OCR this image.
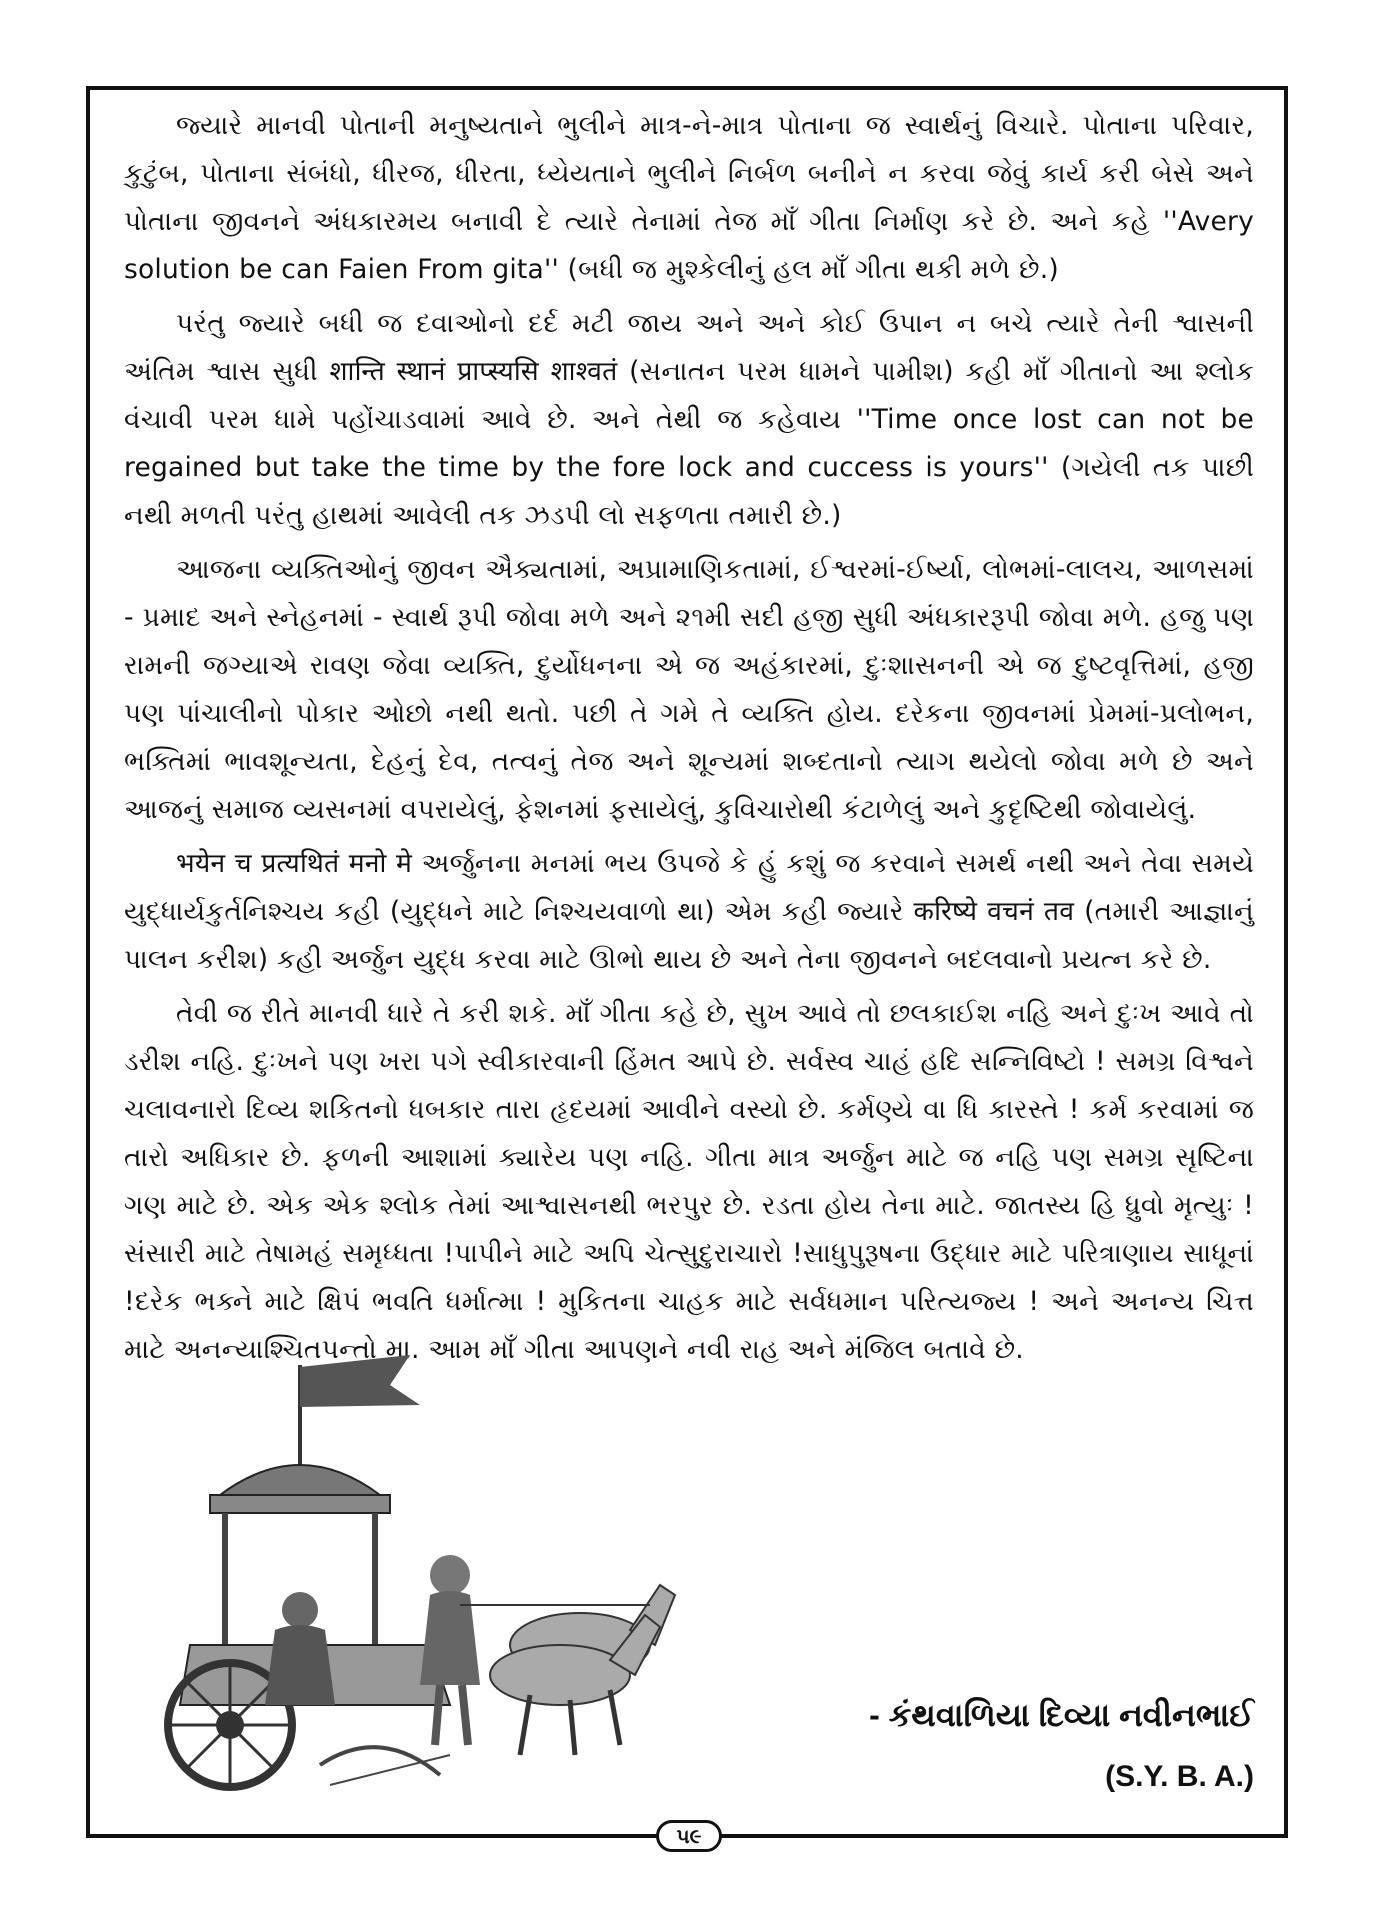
જ્યારે માનવી પોતાની મનુષ્યતાને ભુલીને માત્ર-ને-માત્ર પોતાના જ સ્વાર્થનું વિચારે. પોતાના પરિવાર, કુટુંબ, પોતાના સંબંધો, ધીરજ, ધીરતા, ધ્યેયતાને ભુલીને નિર્બળ બનીને ન કરવા જેવું કાર્ય કરી બેસે અને પોતાના જીવનને અંધકારમય બનાવી દે ત્યારે તેનામાં તેજ માઁ ગીતા નિર્માણ કરે છે. અને કહે ''Avery solution be can Faien From gita'' (બધી જ મુશ્કેલીનું હલ માઁ ગીતા થકી મળે છે.)

પરંતુ જ્યારે બધી જ દવાઓનો દર્દ મટી જાય અને અને કોઈ ઉપાન ન બચે ત્યારે તેની શ્વાસની અંતિમ શ્વાસ સુધી शान्ति स्थानं प्राप्स्यसि शाश्वतं (સનાતન પરમ ધામને પામીશ) કહી માઁ ગીતાનો આ શ્લોક વંચાવી પરમ ધામે પહોંચાડવામાં આવે છે. અને તેથી જ કહેવાય ''Time once lost can not be regained but take the time by the fore lock and cuccess is yours'' (ગયેલી તક પાછી નથી મળતી પરંતુ હાથમાં આવેલી તક ઝડપી લો સફળતા તમારી છે.)

આજના વ્યક્તિઓનું જીવન ઐક્યતામાં, અપ્રામાણિકતામાં, ઈશ્વરમાં-ઈર્ષ્યા, લોભમાં-લાલચ, આળસમાં - પ્રમાદ અને સ્નેહનમાં - સ્વાર્થ રૂપી જોવા મળે અને ૨૧મી સદી હજી સુધી અંધકારરૂપી જોવા મળે. હજુ પણ રામની જગ્યાએ રાવણ જેવા વ્યક્તિ, દુર્યોધનના એ જ અહંકારમાં, દુઃશાસનની એ જ દુષ્ટવૃત્તિમાં, હજી પણ પાંચાલીનો પોકાર ઓછો નથી થતો. પછી તે ગમે તે વ્યક્તિ હોય. દરેકના જીવનમાં પ્રેમમાં-પ્રલોભન, ભક્તિમાં ભાવશૂન્યતા, દેહનું દેવ, તત્વનું તેજ અને શૂન્યમાં શબ્દતાનો ત્યાગ થયેલો જોવા મળે છે અને આજનું સમાજ વ્યસનમાં વપરાયેલું, ફેશનમાં ફસાયેલું, કુવિચારોથી કંટાળેલું અને કુદૃષ્ટિથી જોવાયેલું.

भयेन च प्रत्यथितं मनो मे અર્જુનના મનમાં ભય ઉપજે કે હું કશું જ કરવાને સમર્થ નથી અને તેવા સમયે યુદ્ધાર્યકુર્તનિશ્ચય કહી (યુદ્ધને માટે નિશ્ચયવાળો થા) એમ કહી જ્યારે करिष्ये वचनं तव (તમારી આજ્ઞાનું પાલન કરીશ) કહી અર્જુન યુદ્ધ કરવા માટે ઊભો થાય છે અને તેના જીવનને બદલવાનો પ્રયત્ન કરે છે.

તેવી જ રીતે માનવી ધારે તે કરી શકે. માઁ ગીતા કહે છે, સુખ આવે તો છલકાઈશ નહિ અને દુઃખ આવે તો ડરીશ નહિ. દુઃખને પણ ખરા પગે સ્વીકારવાની હિંમત આપે છે. સર્વસ્વ ચાહં હદિ સન્નિવિષ્ટો ! સમગ્ર વિશ્વને ચલાવનારો દિવ્ય શકિતનો ધબકાર તારા હૃદયમાં આવીને વસ્યો છે. કર્મણ્યે વા ધિ કારસ્તે ! કર્મ કરવામાં જ તારો અધિકાર છે. ફળની આશામાં ક્યારેય પણ નહિ. ગીતા માત્ર અર્જુન માટે જ નહિ પણ સમગ્ર સૃષ્ટિના ગણ માટે છે. એક એક શ્લોક તેમાં આશ્વાસનથી ભરપુર છે. રડતા હોય તેના માટે. જાતસ્ય હિ ધ્રુવો મૃત્યુઃ ! સંસારી માટે તેષામહં સમૃધ્ધતા !પાપીને માટે અપિ ચેત્સુદુરાચારો !સાધુપુરૂષના ઉદ્ધાર માટે પરિત્રાણાય સાધૂનાં !દરેક ભક્ને માટે ક્ષિપં ભવતિ ધર્માત્મા ! મુકિતના ચાહક માટે સર્વધમાન પરિત્યજ્ય ! અને અનન્ય ચિત્ત માટે અનન્યાશ્ચિતપન્તો મા. આમ માઁ ગીતા આપણને નવી રાહ અને મંજિલ બતાવે છે.

- કંથવાળિયા દિવ્યા નવીનભાઈ
(S.Y. B. A.)
૫૯
